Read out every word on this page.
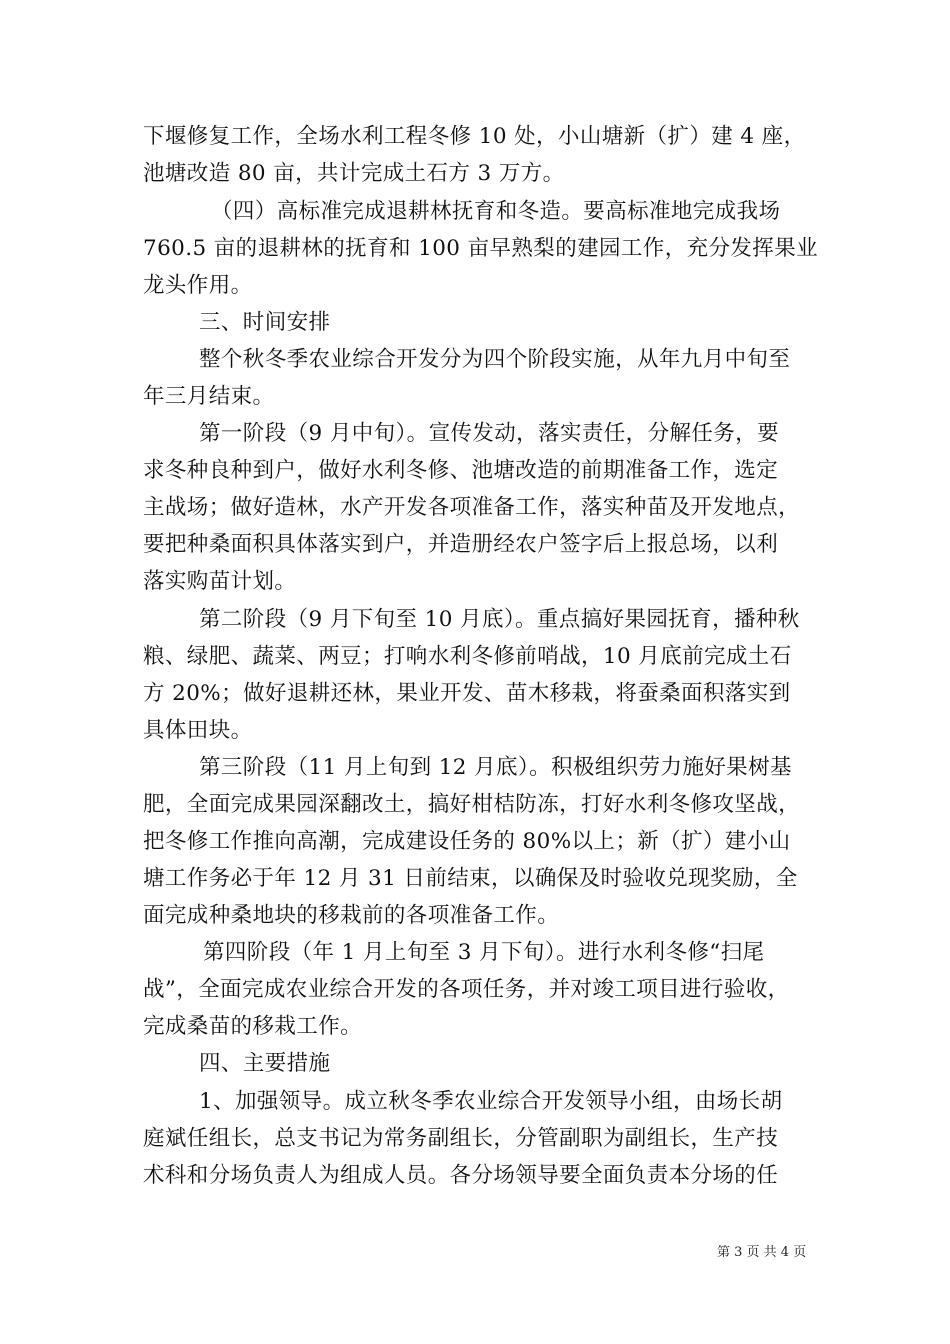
下堰修复工作，全场水利工程冬修 10 处，小山塘新（扩）建 4 座，
池塘改造 80 亩，共计完成土石方 3 万方。
（四）高标准完成退耕林抚育和冬造。要高标准地完成我场
760.5 亩的退耕林的抚育和 100 亩早熟梨的建园工作，充分发挥果业
龙头作用。
三、时间安排
整个秋冬季农业综合开发分为四个阶段实施，从年九月中旬至
年三月结束。
第一阶段（9 月中旬）。宣传发动，落实责任，分解任务，要
求冬种良种到户，做好水利冬修、池塘改造的前期准备工作，选定
主战场；做好造林，水产开发各项准备工作，落实种苗及开发地点，
要把种桑面积具体落实到户，并造册经农户签字后上报总场，以利
落实购苗计划。
第二阶段（9 月下旬至 10 月底）。重点搞好果园抚育，播种秋
粮、绿肥、蔬菜、两豆；打响水利冬修前哨战，10 月底前完成土石
方 20%；做好退耕还林，果业开发、苗木移栽，将蚕桑面积落实到
具体田块。
第三阶段（11 月上旬到 12 月底）。积极组织劳力施好果树基
肥，全面完成果园深翻改土，搞好柑桔防冻，打好水利冬修攻坚战，
把冬修工作推向高潮，完成建设任务的 80%以上；新（扩）建小山
塘工作务必于年 12 月 31 日前结束，以确保及时验收兑现奖励，全
面完成种桑地块的移栽前的各项准备工作。
第四阶段（年 1 月上旬至 3 月下旬）。进行水利冬修“扫尾
战”，全面完成农业综合开发的各项任务，并对竣工项目进行验收，
完成桑苗的移栽工作。
四、主要措施
1、加强领导。成立秋冬季农业综合开发领导小组，由场长胡
庭斌任组长，总支书记为常务副组长，分管副职为副组长，生产技
术科和分场负责人为组成人员。各分场领导要全面负责本分场的任
第 3 页 共 4 页
